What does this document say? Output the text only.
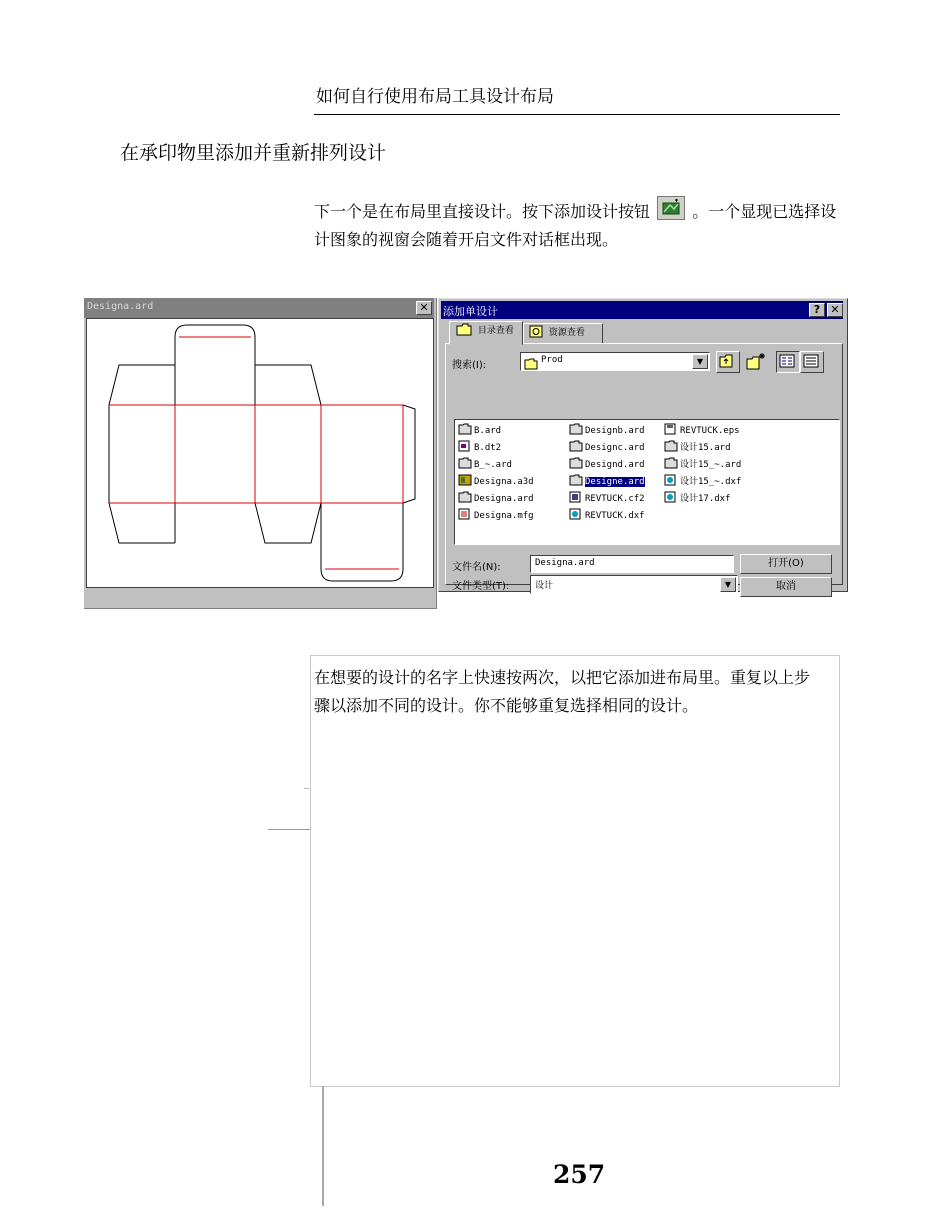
如何自行使用布局工具设计布局
在承印物里添加并重新排列设计
下一个是在布局里直接设计。按下添加设计按钮	。一个显现已选择设计图象的视窗会随着开启文件对话框出现。
Designa.ard	✕	添加单设计	? ✕
目录查看	资源查看
搜索(I):	Prod	▼
B.ard
B.dt2
B_~.ard
Designa.a3d
Designa.ard
Designa.mfg
Designb.ard
Designc.ard
Designd.ard
Designe.ard
REVTUCK.cf2
REVTUCK.dxf
REVTUCK.eps
设计15.ard
设计15_~.ard
设计15_~.dxf
设计17.dxf
文件名(N):	Designa.ard
文件类型(T):	设计	▼
打开(O)
取消
在想要的设计的名字上快速按两次，以把它添加进布局里。重复以上步骤以添加不同的设计。你不能够重复选择相同的设计。
257
